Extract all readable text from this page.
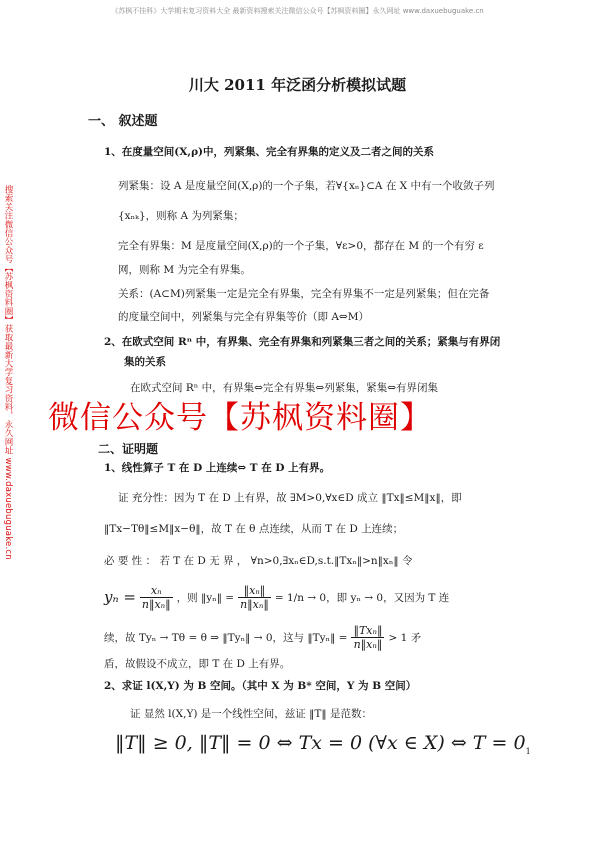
《苏枫不挂科》大学期末复习资料大全 最新资料搜索关注微信公众号【苏枫资料圈】永久网址 www.daxuebuguake.cn
搜索关注微信公众号【苏枫资料圈】获取最新大学复习资料，永久网址 www.daxuebuguake.cn
川大 2011 年泛函分析模拟试题
一、 叙述题
1、在度量空间(X,ρ)中，列紧集、完全有界集的定义及二者之间的关系
列紧集：设 A 是度量空间(X,ρ)的一个子集，若∀{xₙ}⊂A 在 X 中有一个收敛子列
{xₙₖ}，则称 A 为列紧集；
完全有界集：M 是度量空间(X,ρ)的一个子集，∀ε>0，都存在 M 的一个有穷 ε
网，则称 M 为完全有界集。
关系：(A⊂M)列紧集一定是完全有界集，完全有界集不一定是列紧集；但在完备
的度量空间中，列紧集与完全有界集等价（即 A⇔M）
2、在欧式空间 Rⁿ 中，有界集、完全有界集和列紧集三者之间的关系；紧集与有界闭
集的关系
在欧式空间 Rⁿ 中，有界集⇔完全有界集⇔列紧集，紧集⇔有界闭集
微信公众号【苏枫资料圈】
二、证明题
1、线性算子 T 在 D 上连续⇔ T 在 D 上有界。
证 充分性：因为 T 在 D 上有界，故 ∃M>0,∀x∈D 成立 ‖Tx‖≤M‖x‖，即
‖Tx−Tθ‖≤M‖x−θ‖，故 T 在 θ 点连续，从而 T 在 D 上连续；
必 要 性 ： 若 T 在 D 无 界 ， ∀n>0,∃xₙ∈D,s.t.‖Txₙ‖>n‖xₙ‖ 令
$y_n = \frac{\text{xₙ}}{\text{n‖xₙ‖}}$ ，则 ‖yₙ‖ = $\frac{\text{‖xₙ‖}}{\text{n‖xₙ‖}} = 1/n \to 0$，即 yₙ → 0，又因为 T 连
续，故 Tyₙ → Tθ = θ ⇒ ‖Tyₙ‖ → 0，这与 ‖Tyₙ‖ = $\frac{\text{‖Txₙ‖}}{\text{n‖xₙ‖}} > 1$ 矛
盾，故假设不成立，即 T 在 D 上有界。
2、求证 l(X,Y) 为 B 空间。（其中 X 为 B* 空间，Y 为 B 空间）
证 显然 l(X,Y) 是一个线性空间，兹证 ‖T‖ 是范数：
‖T‖ ≥ 0, ‖T‖ = 0 ⇔ Tx = 0 (∀x ∈ X) ⇔ $T = 0_1$
